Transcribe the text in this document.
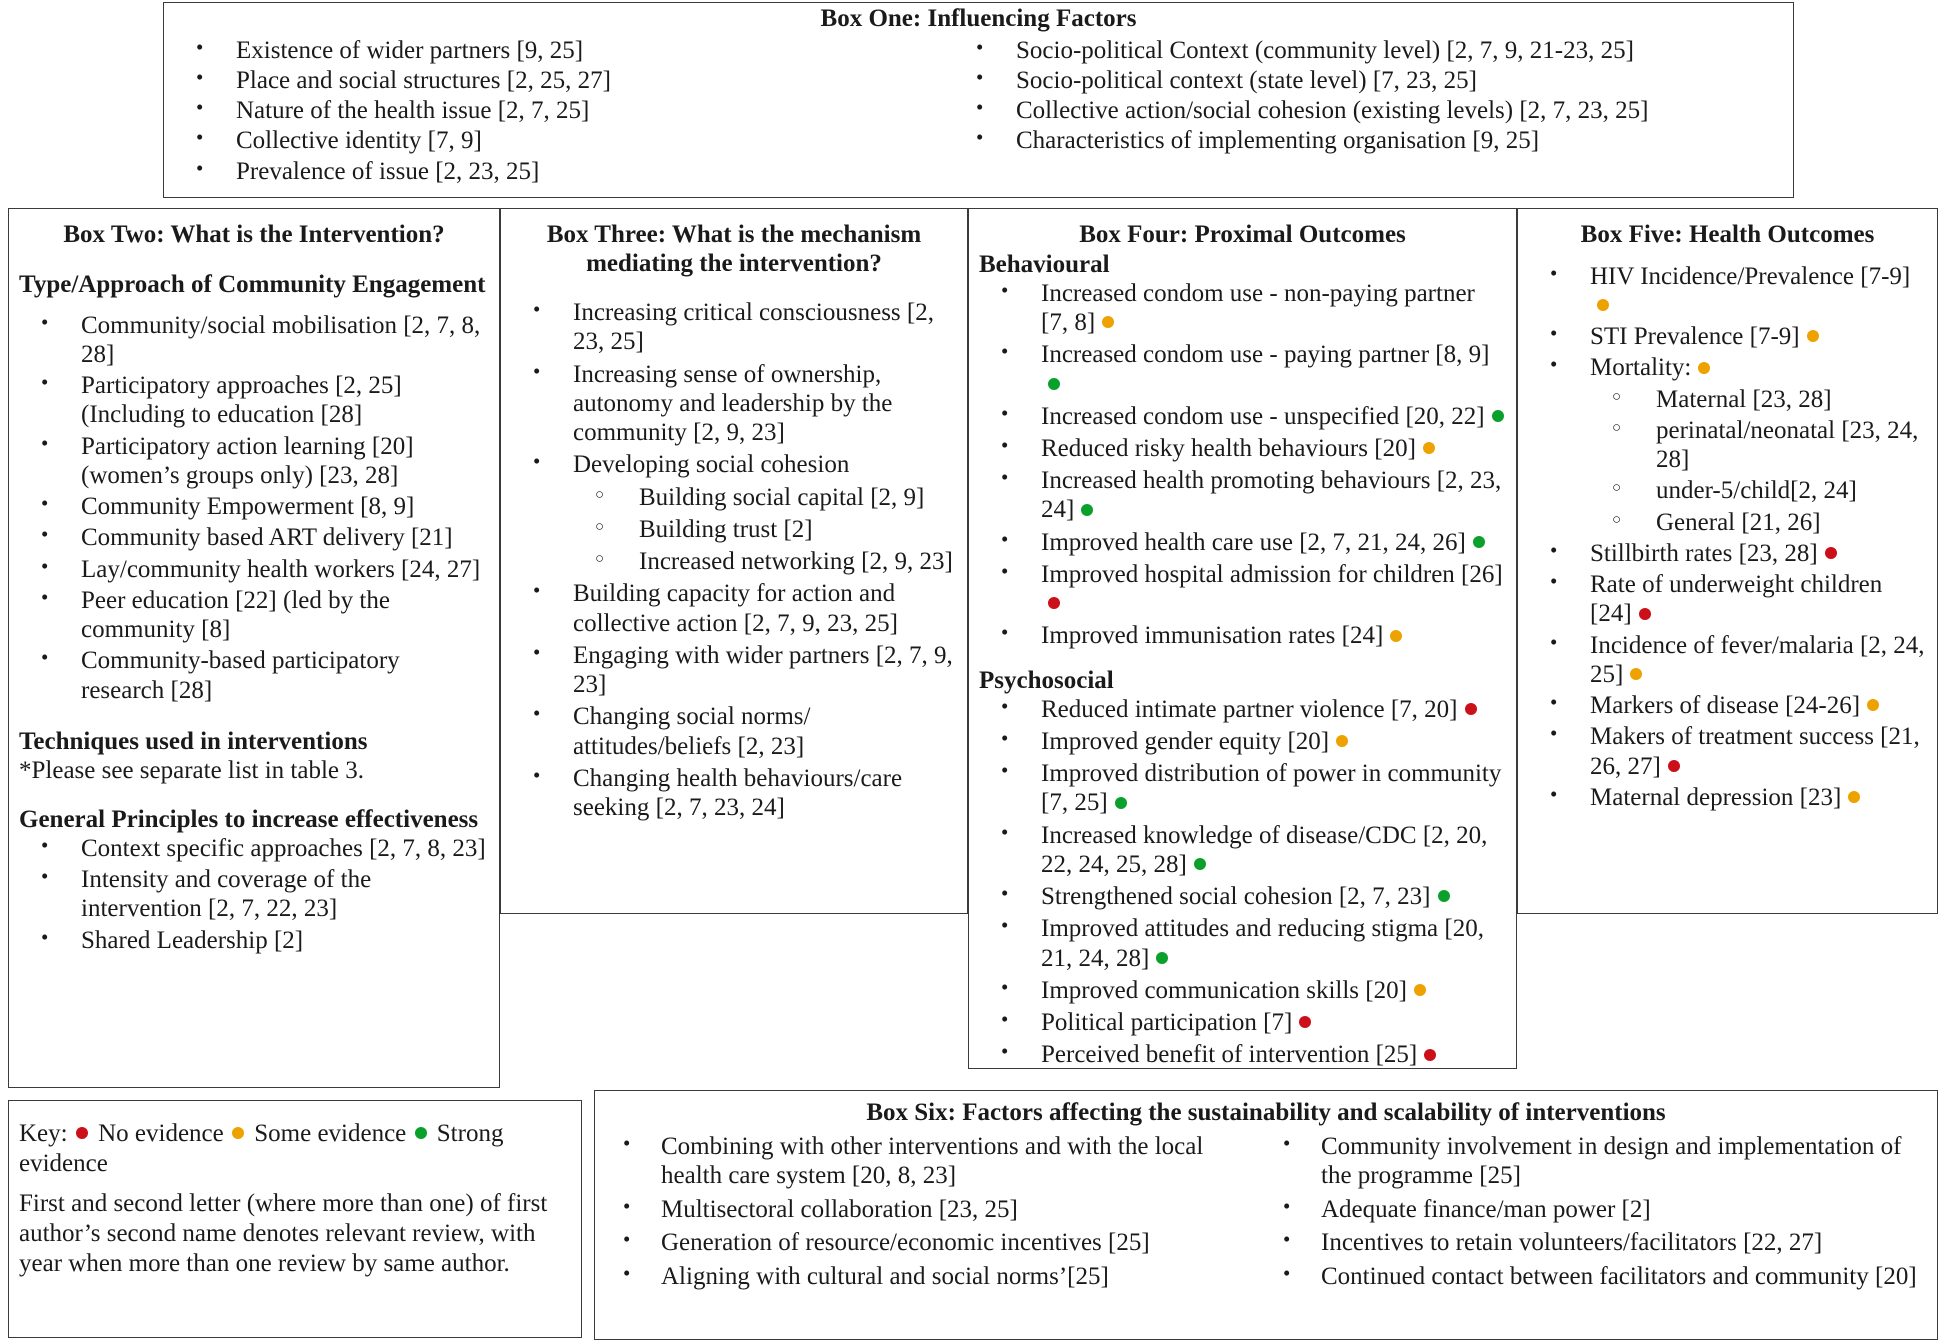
Box One: Influencing Factors
• Existence of wider partners [9, 25]
• Place and social structures [2, 25, 27]
• Nature of the health issue [2, 7, 25]
• Collective identity [7, 9]
• Prevalence of issue [2, 23, 25]
• Socio-political Context (community level) [2, 7, 9, 21-23, 25]
• Socio-political context (state level) [7, 23, 25]
• Collective action/social cohesion (existing levels) [2, 7, 23, 25]
• Characteristics of implementing organisation [9, 25]
Box Two: What is the Intervention?
Type/Approach of Community Engagement
• Community/social mobilisation [2, 7, 8, 28]
• Participatory approaches [2, 25] (Including to education [28]
• Participatory action learning [20] (women’s groups only) [23, 28]
• Community Empowerment [8, 9]
• Community based ART delivery [21]
• Lay/community health workers [24, 27]
• Peer education [22] (led by the community [8]
• Community-based participatory research [28]
Techniques used in interventions
*Please see separate list in table 3.
General Principles to increase effectiveness
• Context specific approaches [2, 7, 8, 23]
• Intensity and coverage of the intervention [2, 7, 22, 23]
• Shared Leadership [2]
Box Three: What is the mechanism mediating the intervention?
• Increasing critical consciousness [2, 23, 25]
• Increasing sense of ownership, autonomy and leadership by the community [2, 9, 23]
• Developing social cohesion
○ Building social capital [2, 9]
○ Building trust [2]
○ Increased networking [2, 9, 23]
• Building capacity for action and collective action [2, 7, 9, 23, 25]
• Engaging with wider partners [2, 7, 9, 23]
• Changing social norms/ attitudes/beliefs [2, 23]
• Changing health behaviours/care seeking [2, 7, 23, 24]
Box Four: Proximal Outcomes
Behavioural
• Increased condom use - non-paying partner [7, 8]
• Increased condom use - paying partner [8, 9]
• Increased condom use - unspecified [20, 22]
• Reduced risky health behaviours [20]
• Increased health promoting behaviours [2, 23, 24]
• Improved health care use [2, 7, 21, 24, 26]
• Improved hospital admission for children [26]
• Improved immunisation rates [24]
Psychosocial
• Reduced intimate partner violence [7, 20]
• Improved gender equity [20]
• Improved distribution of power in community [7, 25]
• Increased knowledge of disease/CDC [2, 20, 22, 24, 25, 28]
• Strengthened social cohesion [2, 7, 23]
• Improved attitudes and reducing stigma [20, 21, 24, 28]
• Improved communication skills [20]
• Political participation [7]
• Perceived benefit of intervention [25]
Box Five: Health Outcomes
• HIV Incidence/Prevalence [7-9]
• STI Prevalence [7-9]
• Mortality:
○ Maternal [23, 28]
○ perinatal/neonatal [23, 24, 28]
○ under-5/child[2, 24]
○ General [21, 26]
• Stillbirth rates [23, 28]
• Rate of underweight children [24]
• Incidence of fever/malaria [2, 24, 25]
• Markers of disease [24-26]
• Makers of treatment success [21, 26, 27]
• Maternal depression [23]

Key: No evidence Some evidence Strong evidence

First and second letter (where more than one) of first author’s second name denotes relevant review, with year when more than one review by same author.

Box Six: Factors affecting the sustainability and scalability of interventions
• Combining with other interventions and with the local health care system [20, 8, 23]
• Multisectoral collaboration [23, 25]
• Generation of resource/economic incentives [25]
• Aligning with cultural and social norms’[25]
• Community involvement in design and implementation of the programme [25]
• Adequate finance/man power [2]
• Incentives to retain volunteers/facilitators [22, 27]
• Continued contact between facilitators and community [20]
